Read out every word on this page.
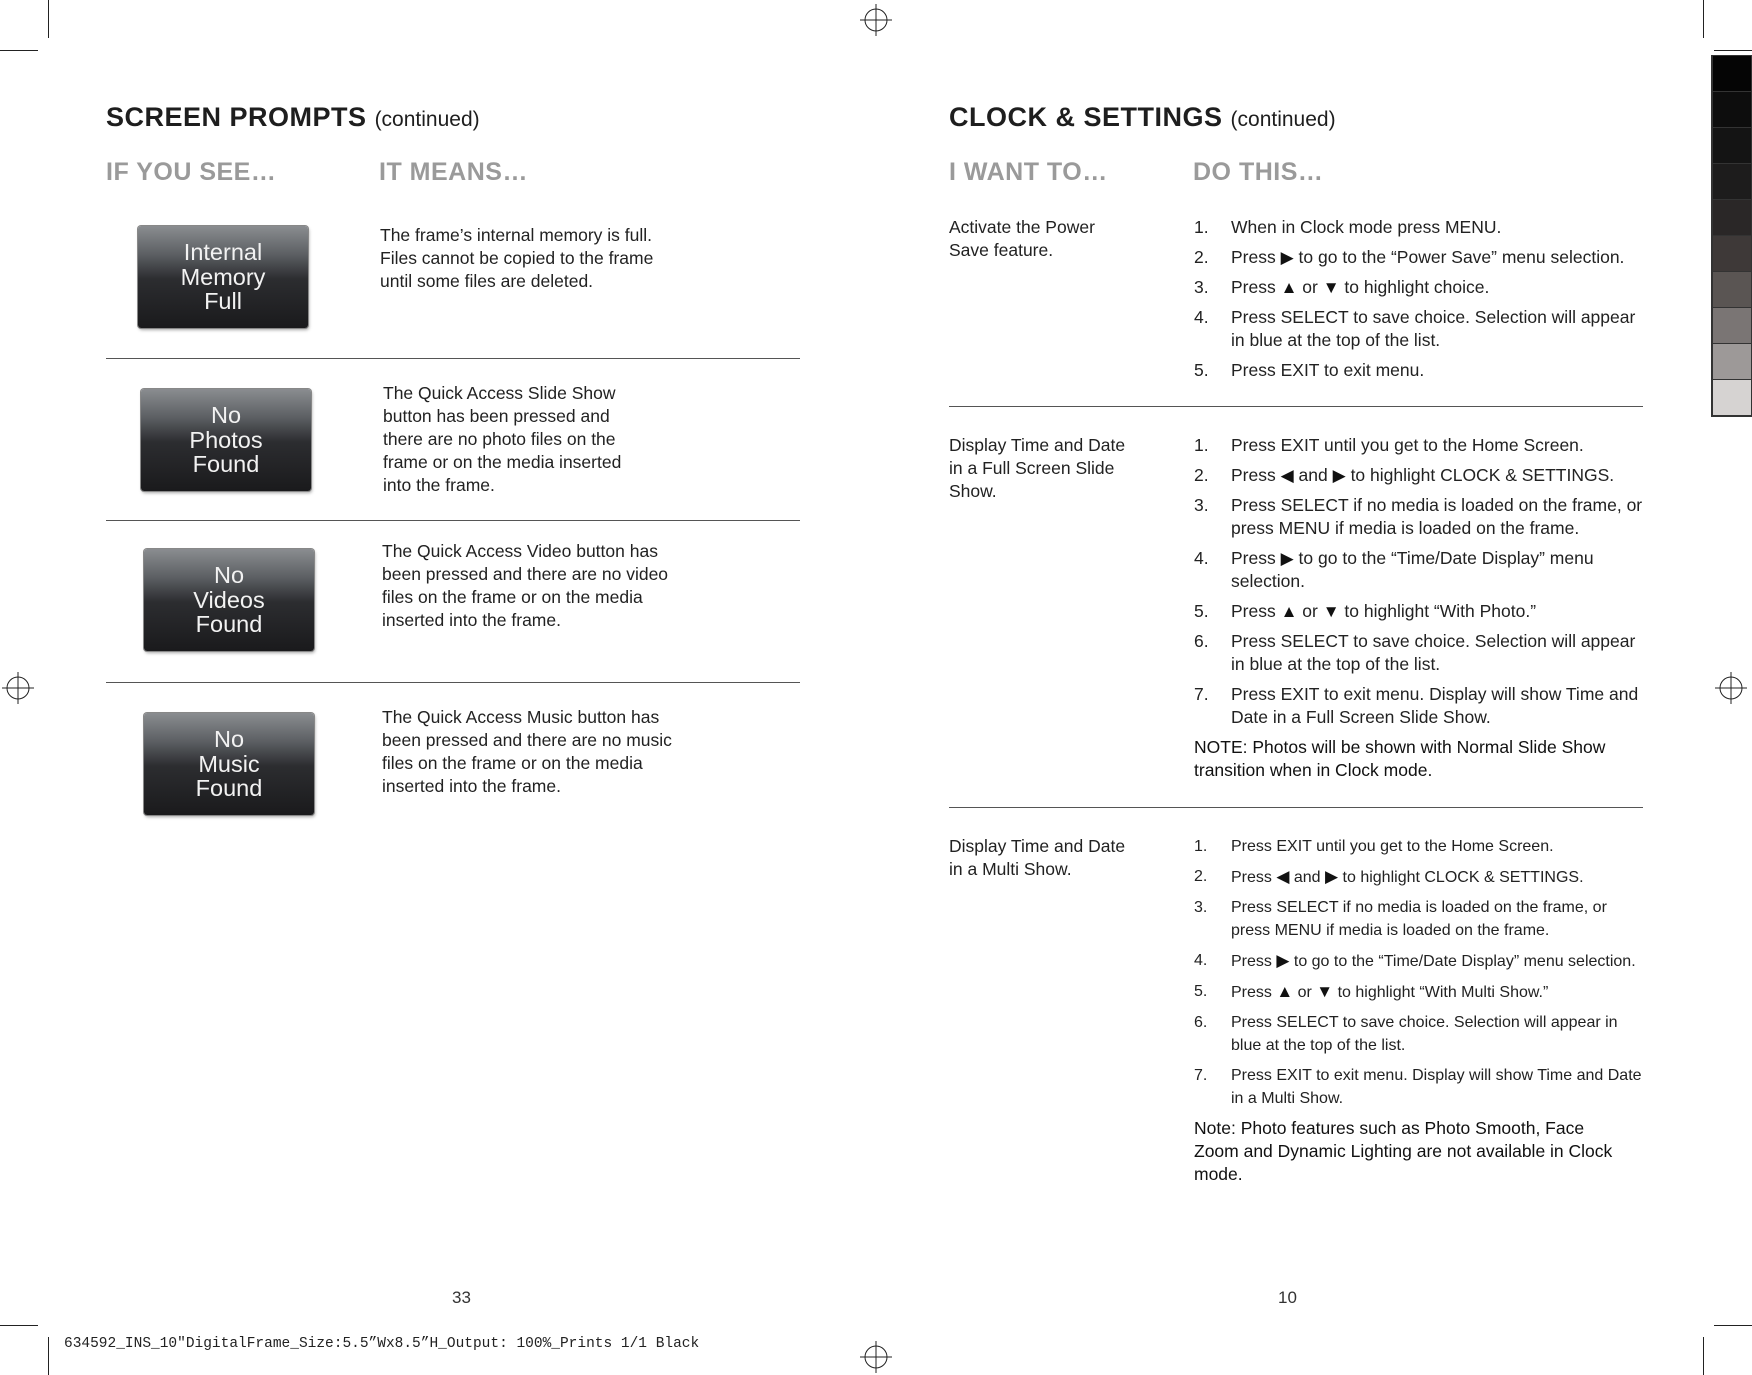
SCREEN PROMPTS (continued)
IF YOU SEE…	IT MEANS…
Internal
Memory
Full
The frame’s internal memory is full. Files cannot be copied to the frame until some files are deleted.
No
Photos
Found
The Quick Access Slide Show button has been pressed and there are no photo files on the frame or on the media inserted into the frame.
No
Videos
Found
The Quick Access Video button has been pressed and there are no video files on the frame or on the media inserted into the frame.
No
Music
Found
The Quick Access Music button has been pressed and there are no music files on the frame or on the media inserted into the frame.
33
CLOCK & SETTINGS (continued)
I WANT TO…	DO THIS…
Activate the Power Save feature.
1. When in Clock mode press MENU.
2. Press ▶ to go to the “Power Save” menu selection.
3. Press ▲ or ▼ to highlight choice.
4. Press SELECT to save choice. Selection will appear in blue at the top of the list.
5. Press EXIT to exit menu.
Display Time and Date in a Full Screen Slide Show.
1. Press EXIT until you get to the Home Screen.
2. Press ◀ and ▶ to highlight CLOCK & SETTINGS.
3. Press SELECT if no media is loaded on the frame, or press MENU if media is loaded on the frame.
4. Press ▶ to go to the “Time/Date Display” menu selection.
5. Press ▲ or ▼ to highlight “With Photo.”
6. Press SELECT to save choice. Selection will appear in blue at the top of the list.
7. Press EXIT to exit menu. Display will show Time and Date in a Full Screen Slide Show.
NOTE: Photos will be shown with Normal Slide Show transition when in Clock mode.
Display Time and Date in a Multi Show.
1. Press EXIT until you get to the Home Screen.
2. Press ◀ and ▶ to highlight CLOCK & SETTINGS.
3. Press SELECT if no media is loaded on the frame, or press MENU if media is loaded on the frame.
4. Press ▶ to go to the “Time/Date Display” menu selection.
5. Press ▲ or ▼ to highlight “With Multi Show.”
6. Press SELECT to save choice. Selection will appear in blue at the top of the list.
7. Press EXIT to exit menu. Display will show Time and Date in a Multi Show.
Note: Photo features such as Photo Smooth, Face Zoom and Dynamic Lighting are not available in Clock mode.
10
634592_INS_10"DigitalFrame_Size:5.5”Wx8.5”H_Output: 100%_Prints 1/1 Black
